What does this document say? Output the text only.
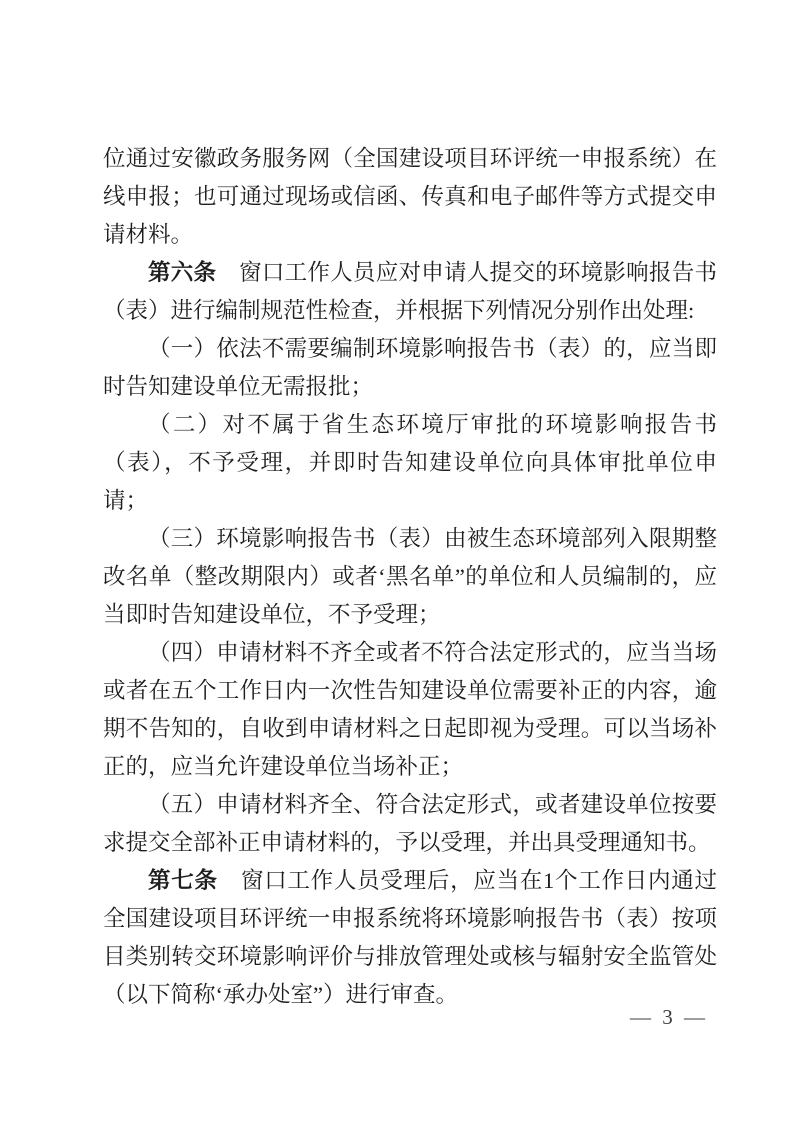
位通过安徽政务服务网（全国建设项目环评统一申报系统）在线申报；也可通过现场或信函、传真和电子邮件等方式提交申请材料。

第六条　窗口工作人员应对申请人提交的环境影响报告书（表）进行编制规范性检查，并根据下列情况分别作出处理:

（一）依法不需要编制环境影响报告书（表）的，应当即时告知建设单位无需报批；

（二）对不属于省生态环境厅审批的环境影响报告书（表），不予受理，并即时告知建设单位向具体审批单位申请；

（三）环境影响报告书（表）由被生态环境部列入限期整改名单（整改期限内）或者‘黑名单”的单位和人员编制的，应当即时告知建设单位，不予受理；

（四）申请材料不齐全或者不符合法定形式的，应当当场或者在五个工作日内一次性告知建设单位需要补正的内容，逾期不告知的，自收到申请材料之日起即视为受理。可以当场补正的，应当允许建设单位当场补正；

（五）申请材料齐全、符合法定形式，或者建设单位按要求提交全部补正申请材料的，予以受理，并出具受理通知书。

第七条　窗口工作人员受理后，应当在1个工作日内通过全国建设项目环评统一申报系统将环境影响报告书（表）按项目类别转交环境影响评价与排放管理处或核与辐射安全监管处（以下简称‘承办处室”）进行审查。

— 3 —
